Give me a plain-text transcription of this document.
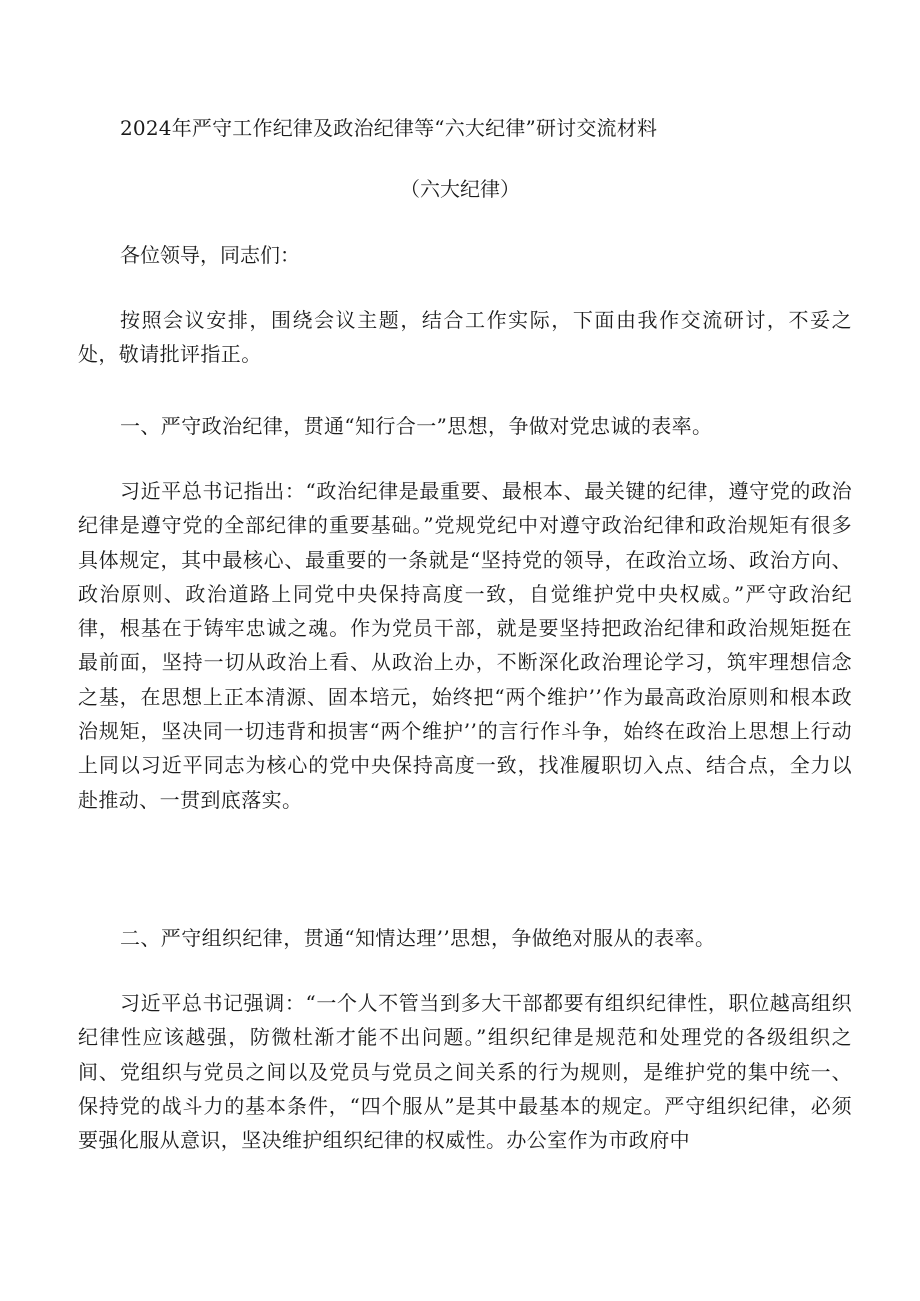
2024年严守工作纪律及政治纪律等“六大纪律”研讨交流材料
（六大纪律）
各位领导，同志们：
按照会议安排，围绕会议主题，结合工作实际，下面由我作交流研讨，不妥之处，敬请批评指正。
一、严守政治纪律，贯通“知行合一”思想，争做对党忠诚的表率。
习近平总书记指出：“政治纪律是最重要、最根本、最关键的纪律，遵守党的政治纪律是遵守党的全部纪律的重要基础。”党规党纪中对遵守政治纪律和政治规矩有很多具体规定，其中最核心、最重要的一条就是“坚持党的领导，在政治立场、政治方向、政治原则、政治道路上同党中央保持高度一致，自觉维护党中央权威。”严守政治纪律，根基在于铸牢忠诚之魂。作为党员干部，就是要坚持把政治纪律和政治规矩挺在最前面，坚持一切从政治上看、从政治上办，不断深化政治理论学习，筑牢理想信念之基，在思想上正本清源、固本培元，始终把“两个维护’’作为最高政治原则和根本政治规矩，坚决同一切违背和损害“两个维护’’的言行作斗争，始终在政治上思想上行动上同以习近平同志为核心的党中央保持高度一致，找准履职切入点、结合点，全力以赴推动、一贯到底落实。
二、严守组织纪律，贯通“知情达理’’思想，争做绝对服从的表率。
习近平总书记强调：“一个人不管当到多大干部都要有组织纪律性，职位越高组织纪律性应该越强，防微杜渐才能不出问题。”组织纪律是规范和处理党的各级组织之间、党组织与党员之间以及党员与党员之间关系的行为规则，是维护党的集中统一、保持党的战斗力的基本条件，“四个服从”是其中最基本的规定。严守组织纪律，必须要强化服从意识，坚决维护组织纪律的权威性。办公室作为市政府中
